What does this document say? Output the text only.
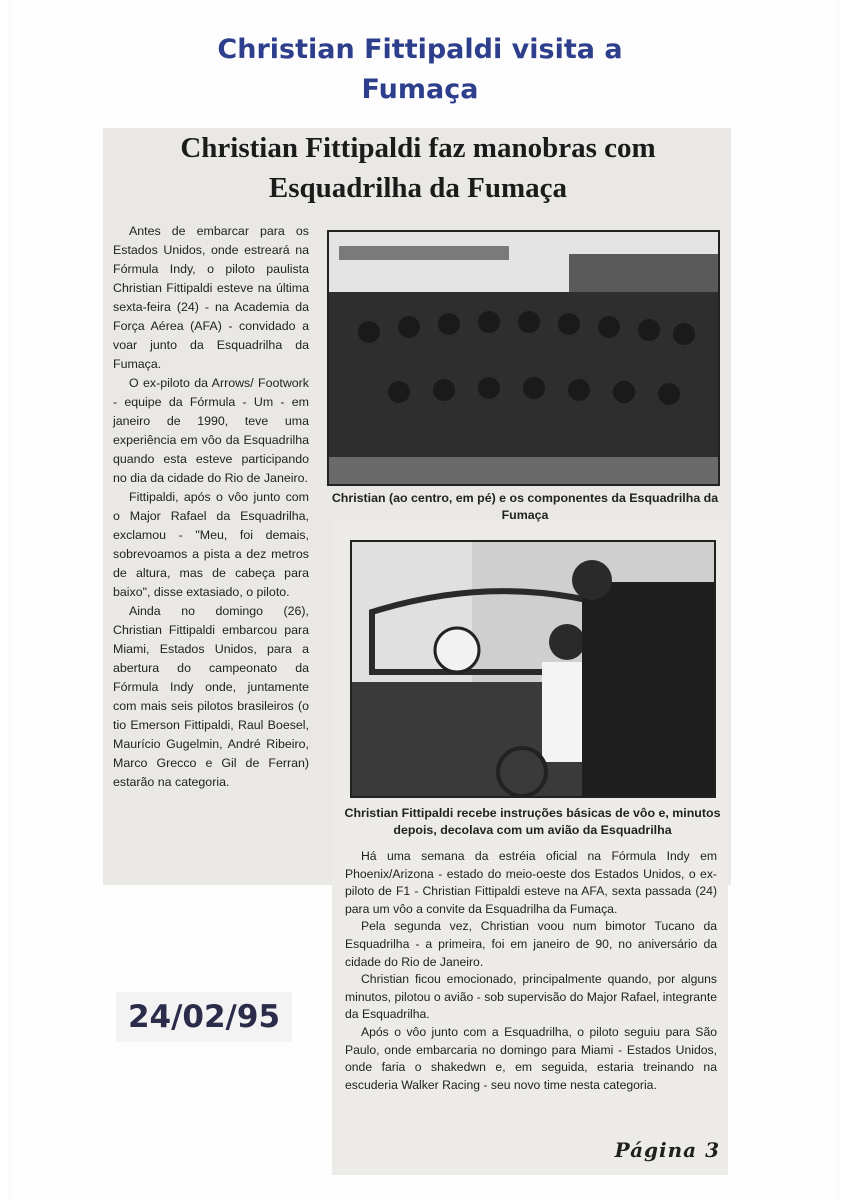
Christian Fittipaldi visita a Fumaça
Christian Fittipaldi faz manobras com Esquadrilha da Fumaça

Antes de embarcar para os Estados Unidos, onde estreará na Fórmula Indy, o piloto paulista Christian Fittipaldi esteve na última sexta-feira (24) - na Academia da Força Aérea (AFA) - convidado a voar junto da Esquadrilha da Fumaça.

O ex-piloto da Arrows/ Footwork - equipe da Fórmula - Um - em janeiro de 1990, teve uma experiência em vôo da Esquadrilha quando esta esteve participando no dia da cidade do Rio de Janeiro.

Fittipaldi, após o vôo junto com o Major Rafael da Esquadrilha, exclamou - "Meu, foi demais, sobrevoamos a pista a dez metros de altura, mas de cabeça para baixo", disse extasiado, o piloto.

Ainda no domingo (26), Christian Fittipaldi embarcou para Miami, Estados Unidos, para a abertura do campeonato da Fórmula Indy onde, juntamente com mais seis pilotos brasileiros (o tio Emerson Fittipaldi, Raul Boesel, Maurício Gugelmin, André Ribeiro, Marco Grecco e Gil de Ferran) estarão na categoria.

Christian (ao centro, em pé) e os componentes da Esquadrilha da Fumaça

Christian Fittipaldi recebe instruções básicas de vôo e, minutos depois, decolava com um avião da Esquadrilha

Há uma semana da estréia oficial na Fórmula Indy em Phoenix/Arizona - estado do meio-oeste dos Estados Unidos, o ex-piloto de F1 - Christian Fittipaldi esteve na AFA, sexta passada (24) para um vôo a convite da Esquadrilha da Fumaça.

Pela segunda vez, Christian voou num bimotor Tucano da Esquadrilha - a primeira, foi em janeiro de 90, no aniversário da cidade do Rio de Janeiro.

Christian ficou emocionado, principalmente quando, por alguns minutos, pilotou o avião - sob supervisão do Major Rafael, integrante da Esquadrilha.

Após o vôo junto com a Esquadrilha, o piloto seguiu para São Paulo, onde embarcaria no domingo para Miami - Estados Unidos, onde faria o shakedwn e, em seguida, estaria treinando na escuderia Walker Racing - seu novo time nesta categoria.

24/02/95

Página 3
